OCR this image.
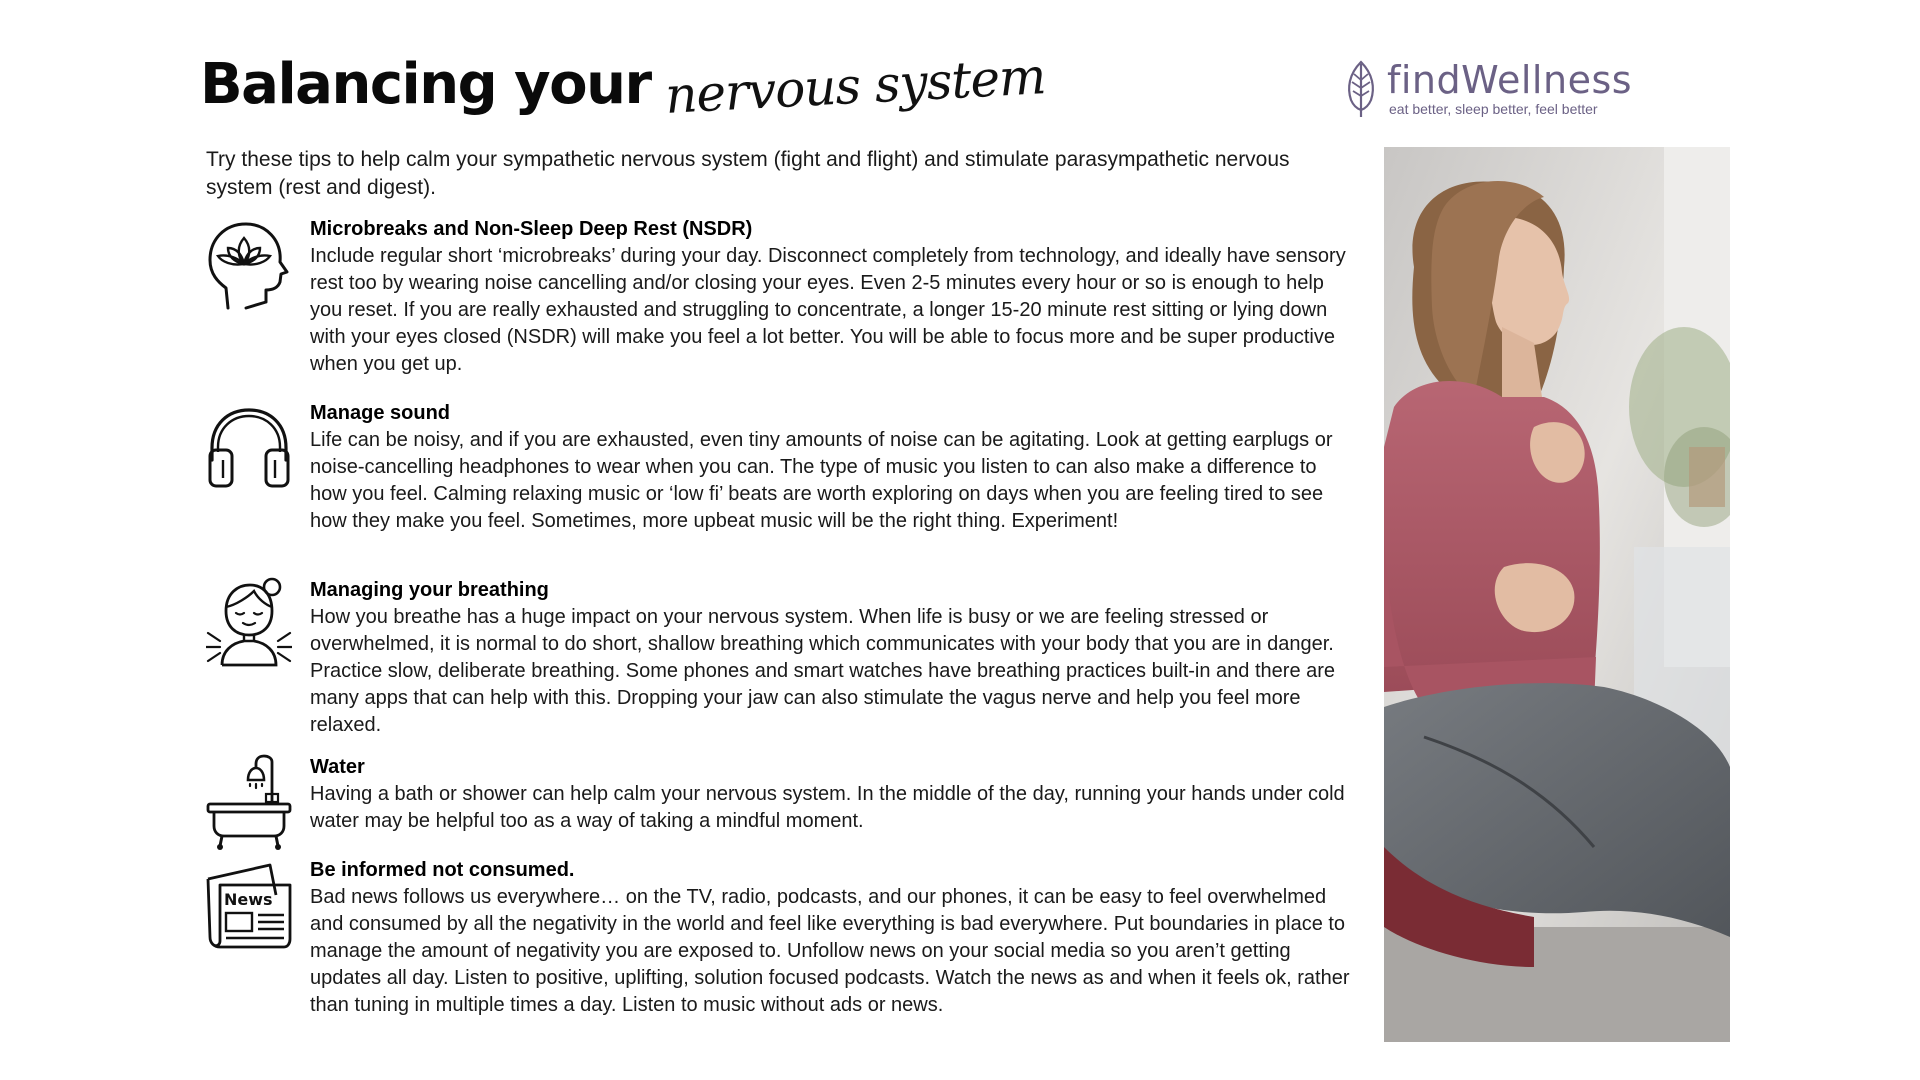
Balancing your nervous system	findWellness
eat better, sleep better, feel better
Try these tips to help calm your sympathetic nervous system (fight and flight) and stimulate parasympathetic nervous system (rest and digest).
Microbreaks and Non-Sleep Deep Rest (NSDR)
Include regular short ‘microbreaks’ during your day. Disconnect completely from technology, and ideally have sensory rest too by wearing noise cancelling and/or closing your eyes. Even 2-5 minutes every hour or so is enough to help you reset. If you are really exhausted and struggling to concentrate, a longer 15-20 minute rest sitting or lying down with your eyes closed (NSDR) will make you feel a lot better. You will be able to focus more and be super productive when you get up.
Manage sound
Life can be noisy, and if you are exhausted, even tiny amounts of noise can be agitating. Look at getting earplugs or noise-cancelling headphones to wear when you can. The type of music you listen to can also make a difference to how you feel. Calming relaxing music or ‘low fi’ beats are worth exploring on days when you are feeling tired to see how they make you feel. Sometimes, more upbeat music will be the right thing. Experiment!
Managing your breathing
How you breathe has a huge impact on your nervous system. When life is busy or we are feeling stressed or overwhelmed, it is normal to do short, shallow breathing which communicates with your body that you are in danger. Practice slow, deliberate breathing. Some phones and smart watches have breathing practices built-in and there are many apps that can help with this. Dropping your jaw can also stimulate the vagus nerve and help you feel more relaxed.
Water
Having a bath or shower can help calm your nervous system. In the middle of the day, running your hands under cold water may be helpful too as a way of taking a mindful moment.
News
Be informed not consumed.
Bad news follows us everywhere… on the TV, radio, podcasts, and our phones, it can be easy to feel overwhelmed and consumed by all the negativity in the world and feel like everything is bad everywhere. Put boundaries in place to manage the amount of negativity you are exposed to. Unfollow news on your social media so you aren’t getting updates all day. Listen to positive, uplifting, solution focused podcasts. Watch the news as and when it feels ok, rather than tuning in multiple times a day. Listen to music without ads or news.
